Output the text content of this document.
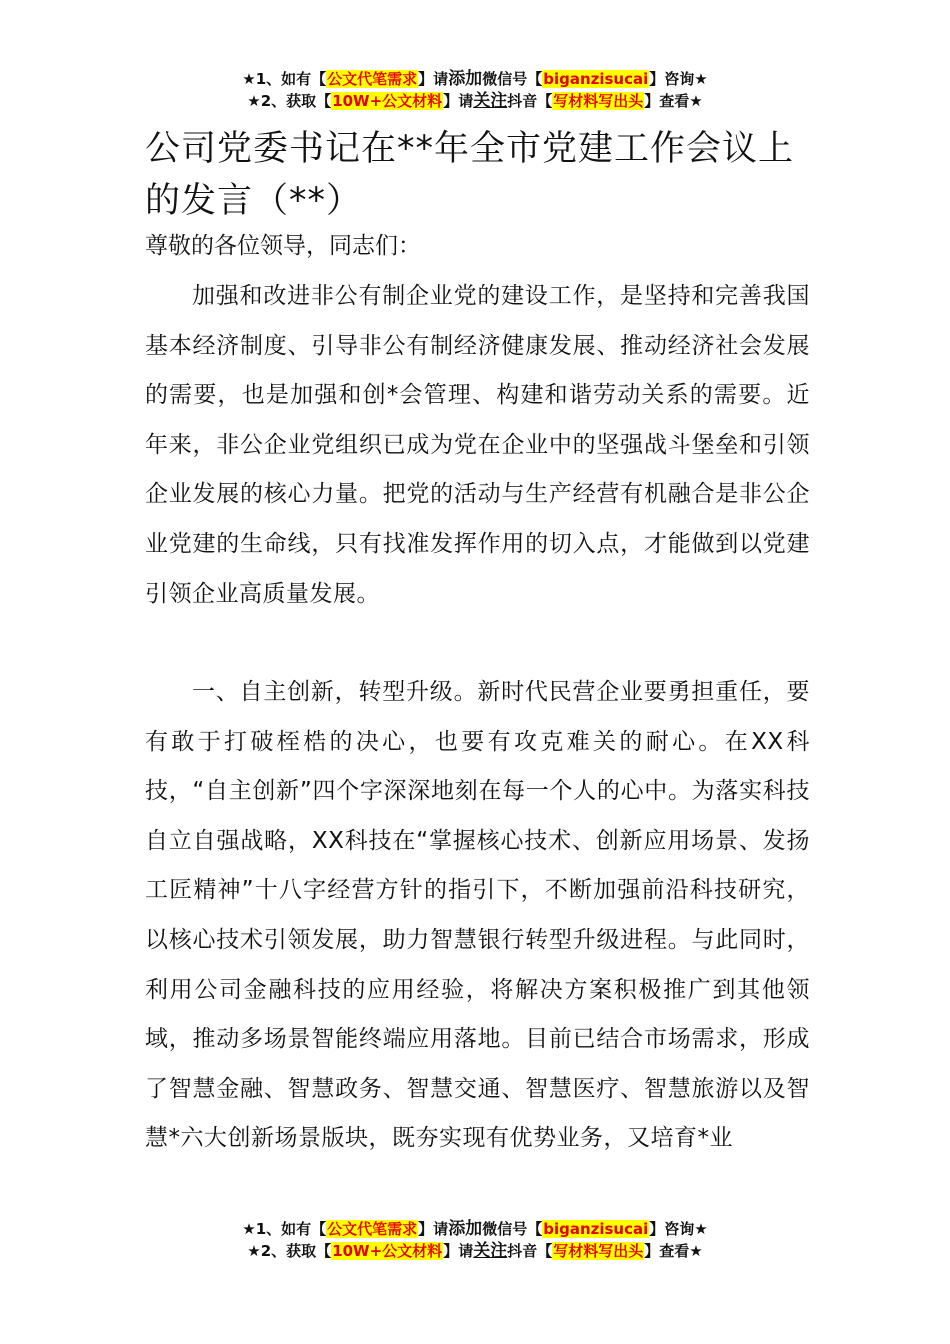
★1、如有【公文代笔需求】请添加微信号【biganzisucai】咨询★
★2、获取【10W+公文材料】请关注抖音【写材料写出头】查看★
公司党委书记在**年全市党建工作会议上的发言（**）

尊敬的各位领导，同志们：

加强和改进非公有制企业党的建设工作，是坚持和完善我国基本经济制度、引导非公有制经济健康发展、推动经济社会发展的需要，也是加强和创*会管理、构建和谐劳动关系的需要。近年来，非公企业党组织已成为党在企业中的坚强战斗堡垒和引领企业发展的核心力量。把党的活动与生产经营有机融合是非公企业党建的生命线，只有找准发挥作用的切入点，才能做到以党建引领企业高质量发展。

一、自主创新，转型升级。新时代民营企业要勇担重任，要有敢于打破桎梏的决心，也要有攻克难关的耐心。在XX科技，“自主创新”四个字深深地刻在每一个人的心中。为落实科技自立自强战略，XX科技在“掌握核心技术、创新应用场景、发扬工匠精神”十八字经营方针的指引下，不断加强前沿科技研究，以核心技术引领发展，助力智慧银行转型升级进程。与此同时，利用公司金融科技的应用经验，将解决方案积极推广到其他领域，推动多场景智能终端应用落地。目前已结合市场需求，形成了智慧金融、智慧政务、智慧交通、智慧医疗、智慧旅游以及智慧*六大创新场景版块，既夯实现有优势业务，又培育*业

★1、如有【公文代笔需求】请添加微信号【biganzisucai】咨询★
★2、获取【10W+公文材料】请关注抖音【写材料写出头】查看★
